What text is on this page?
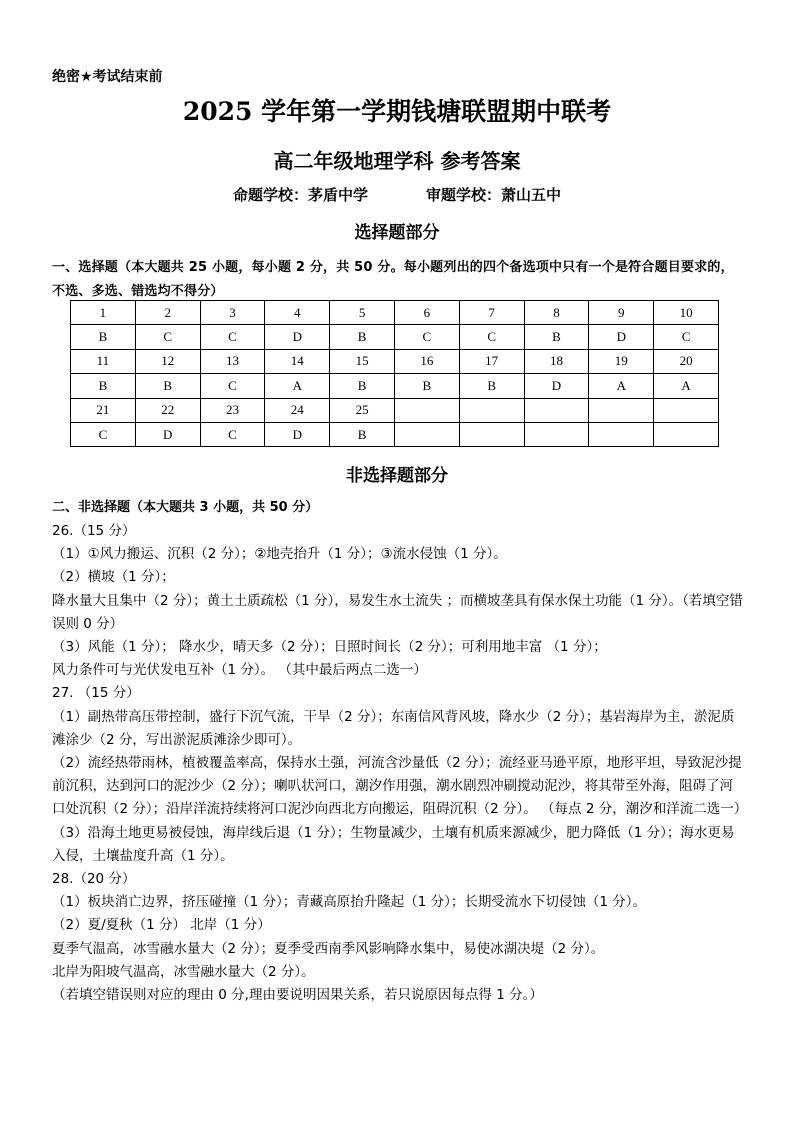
绝密★考试结束前
2025 学年第一学期钱塘联盟期中联考
高二年级地理学科 参考答案
命题学校：茅盾中学	审题学校：萧山五中
选择题部分
一、选择题（本大题共 25 小题，每小题 2 分，共 50 分。每小题列出的四个备选项中只有一个是符合题目要求的，不选、多选、错选均不得分）
1	2	3	4	5	6	7	8	9	10
B	C	C	D	B	C	C	B	D	C
11	12	13	14	15	16	17	18	19	20
B	B	C	A	B	B	B	D	A	A
21	22	23	24	25					
C	D	C	D	B					
非选择题部分
二、非选择题（本大题共 3 小题，共 50 分）

26.（15 分）

（1）①风力搬运、沉积（2 分）；②地壳抬升（1 分）；③流水侵蚀（1 分）。

（2）横坡（1 分）；

降水量大且集中（2 分）；黄土土质疏松（1 分），易发生水土流失 ；而横坡垄具有保水保土功能（1 分）。（若填空错误则 0 分）

（3）风能（1 分）； 降水少，晴天多（2 分）；日照时间长（2 分）；可利用地丰富 （1 分）；

风力条件可与光伏发电互补（1 分）。 （其中最后两点二选一）

27. （15 分）

（1）副热带高压带控制，盛行下沉气流，干旱（2 分）；东南信风背风坡，降水少（2 分）；基岩海岸为主，淤泥质滩涂少（2 分，写出淤泥质滩涂少即可）。

（2）流经热带雨林，植被覆盖率高，保持水土强，河流含沙量低（2 分）；流经亚马逊平原，地形平坦，导致泥沙提前沉积，达到河口的泥沙少（2 分）；喇叭状河口，潮汐作用强，潮水剧烈冲刷搅动泥沙，将其带至外海，阻碍了河口处沉积（2 分）；沿岸洋流持续将河口泥沙向西北方向搬运，阻碍沉积（2 分）。 （每点 2 分，潮汐和洋流二选一）

（3）沿海土地更易被侵蚀，海岸线后退（1 分）；生物量减少，土壤有机质来源减少，肥力降低（1 分）；海水更易入侵，土壤盐度升高（1 分）。

28.（20 分）

（1）板块消亡边界，挤压碰撞（1 分）；青藏高原抬升隆起（1 分）；长期受流水下切侵蚀（1 分）。

（2）夏/夏秋（1 分） 北岸（1 分）

夏季气温高，冰雪融水量大（2 分）；夏季受西南季风影响降水集中，易使冰湖决堤（2 分）。

北岸为阳坡气温高，冰雪融水量大（2 分）。

（若填空错误则对应的理由 0 分,理由要说明因果关系，若只说原因每点得 1 分。）
